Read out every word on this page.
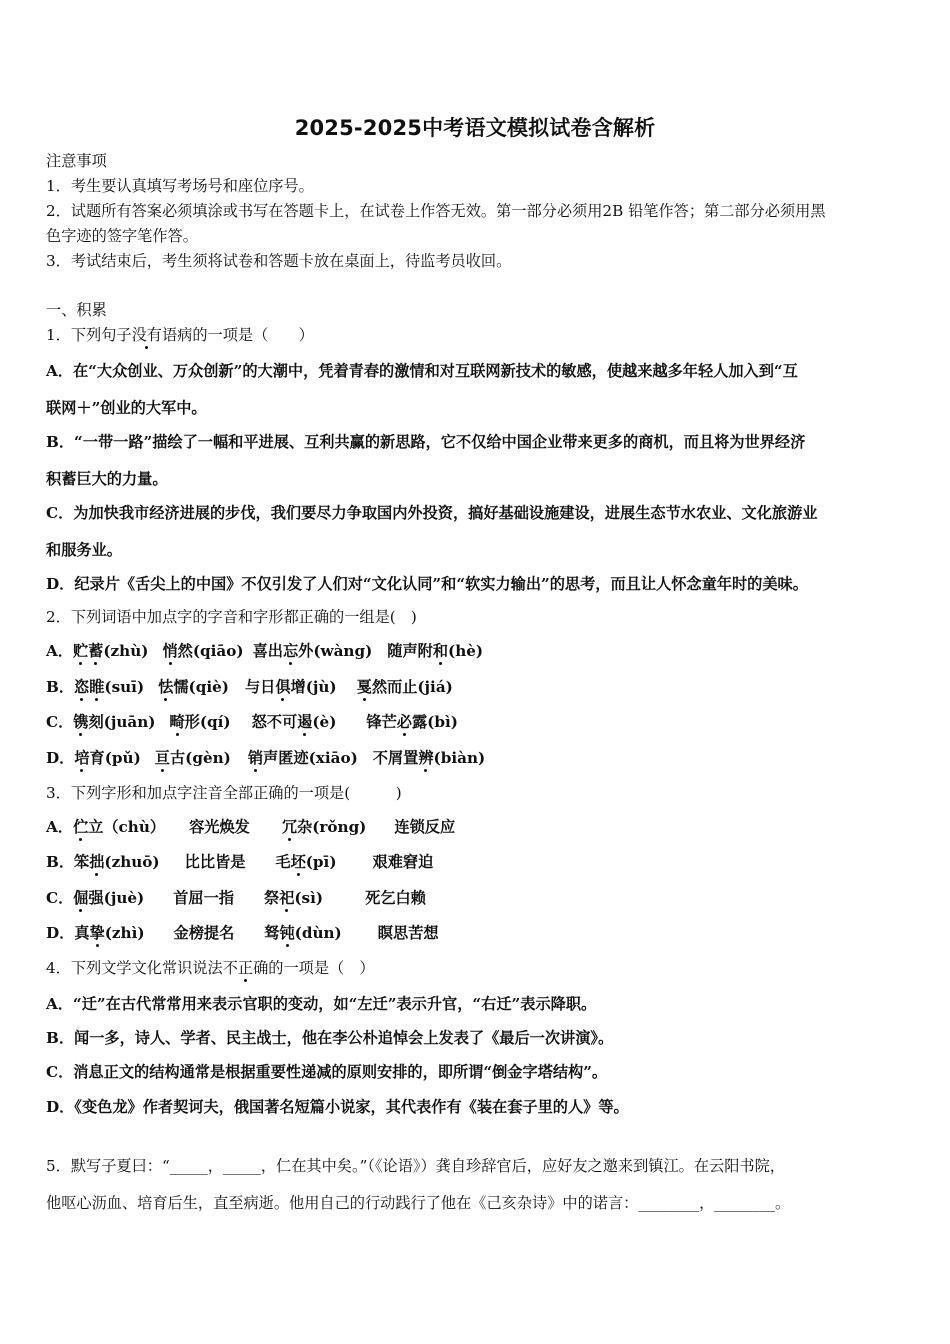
2025-2025中考语文模拟试卷含解析
注意事项
1．考生要认真填写考场号和座位序号。
2．试题所有答案必须填涂或书写在答题卡上，在试卷上作答无效。第一部分必须用2B 铅笔作答；第二部分必须用黑
色字迹的签字笔作答。
3．考试结束后，考生须将试卷和答题卡放在桌面上，待监考员收回。
一、积累
1．下列句子没有语病的一项是（　　）
A．在“大众创业、万众创新”的大潮中，凭着青春的激情和对互联网新技术的敏感，使越来越多年轻人加入到“互
联网＋”创业的大军中。
B．“一带一路”描绘了一幅和平进展、互利共赢的新思路，它不仅给中国企业带来更多的商机，而且将为世界经济
积蓄巨大的力量。
C．为加快我市经济进展的步伐，我们要尽力争取国内外投资，搞好基础设施建设，进展生态节水农业、文化旅游业
和服务业。
D．纪录片《舌尖上的中国》不仅引发了人们对“文化认同”和“软实力输出”的思考，而且让人怀念童年时的美味。
2．下列词语中加点字的字音和字形都正确的一组是(　)
A．贮蓄(zhù) 悄然(qiāo) 喜出忘外(wàng) 随声附和(hè)
B．恣睢(suī) 怯懦(qiè) 与日俱增(jù) 戛然而止(jiá)
C．镌刻(juān) 畸形(qí) 怒不可遏(è) 锋芒必露(bì)
D．培育(pǔ) 亘古(gèn) 销声匿迹(xiāo) 不屑置辨(biàn)
3．下列字形和加点字注音全部正确的一项是(　　　)
A．伫立（chù） 容光焕发 冗杂(rǒng) 连锁反应
B．笨拙(zhuō) 比比皆是 毛坯(pī) 艰难窘迫
C．倔强(juè) 首屈一指 祭祀(sì)	死乞白赖
D．真挚(zhì) 金榜提名 驽钝(dùn) 瞑思苦想
4．下列文学文化常识说法不正确的一项是（　）
A．“迁”在古代常常用来表示官职的变动，如“左迁”表示升官，“右迁”表示降职。
B．闻一多，诗人、学者、民主战士，他在李公朴追悼会上发表了《最后一次讲演》。
C．消息正文的结构通常是根据重要性递减的原则安排的，即所谓“倒金字塔结构”。
D．《变色龙》作者契诃夫，俄国著名短篇小说家，其代表作有《装在套子里的人》等。
5．默写子夏曰：“_____，_____，仁在其中矣。”（《论语》）龚自珍辞官后，应好友之邀来到镇江。在云阳书院，
他呕心沥血、培育后生，直至病逝。他用自己的行动践行了他在《己亥杂诗》中的诺言：________，________。
